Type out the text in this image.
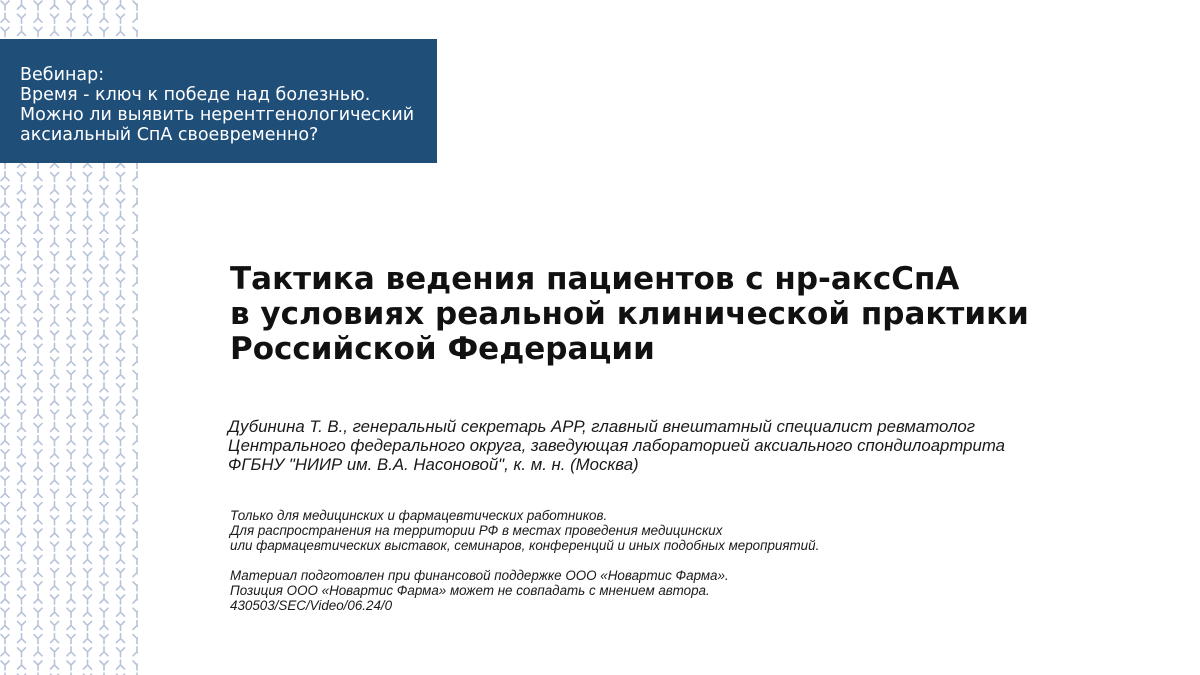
Вебинар:
Время - ключ к победе над болезнью.
Можно ли выявить нерентгенологический
аксиальный СпА своевременно?
Тактика ведения пациентов с нр-аксСпА
в условиях реальной клинической практики
Российской Федерации
Дубинина Т. В., генеральный секретарь АРР, главный внештатный специалист ревматолог
Центрального федерального округа, заведующая лабораторией аксиального спондилоартрита
ФГБНУ "НИИР им. В.А. Насоновой", к. м. н. (Москва)
Только для медицинских и фармацевтических работников.
Для распространения на территории РФ в местах проведения медицинских
или фармацевтических выставок, семинаров, конференций и иных подобных мероприятий.
Материал подготовлен при финансовой поддержке ООО «Новартис Фарма».
Позиция ООО «Новартис Фарма» может не совпадать с мнением автора.
430503/SEC/Video/06.24/0
